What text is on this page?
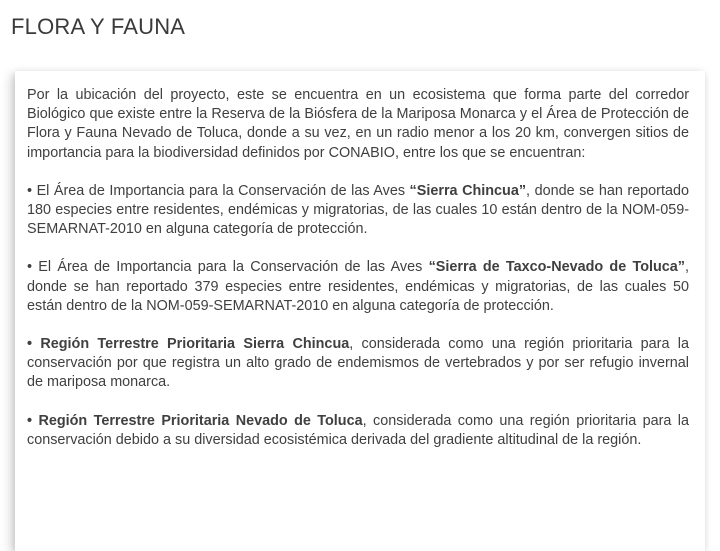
FLORA Y FAUNA

Por la ubicación del proyecto, este se encuentra en un ecosistema que forma parte del corredor Biológico que existe entre la Reserva de la Biósfera de la Mariposa Monarca y el Área de Protección de Flora y Fauna Nevado de Toluca, donde a su vez, en un radio menor a los 20 km, convergen sitios de importancia para la biodiversidad definidos por CONABIO, entre los que se encuentran:

• El Área de Importancia para la Conservación de las Aves “Sierra Chincua”, donde se han reportado 180 especies entre residentes, endémicas y migratorias, de las cuales 10 están dentro de la NOM-059-SEMARNAT-2010 en alguna categoría de protección.

• El Área de Importancia para la Conservación de las Aves “Sierra de Taxco-Nevado de Toluca”, donde se han reportado 379 especies entre residentes, endémicas y migratorias, de las cuales 50 están dentro de la NOM-059-SEMARNAT-2010 en alguna categoría de protección.

• Región Terrestre Prioritaria Sierra Chincua, considerada como una región prioritaria para la conservación por que registra un alto grado de endemismos de vertebrados y por ser refugio invernal de mariposa monarca.

• Región Terrestre Prioritaria Nevado de Toluca, considerada como una región prioritaria para la conservación debido a su diversidad ecosistémica derivada del gradiente altitudinal de la región.
